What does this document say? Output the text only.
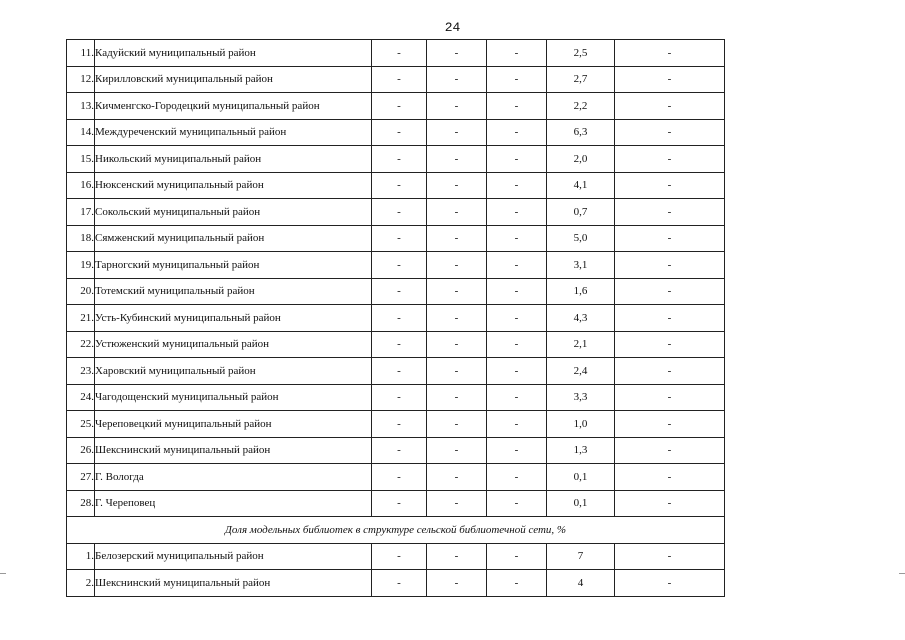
24
11.	Кадуйский муниципальный район	-	-	-	2,5	-
12.	Кирилловский муниципальный район	-	-	-	2,7	-
13.	Кичменгско-Городецкий муниципальный район	-	-	-	2,2	-
14.	Междуреченский муниципальный район	-	-	-	6,3	-
15.	Никольский муниципальный район	-	-	-	2,0	-
16.	Нюксенский муниципальный район	-	-	-	4,1	-
17.	Сокольский муниципальный район	-	-	-	0,7	-
18.	Сямженский муниципальный район	-	-	-	5,0	-
19.	Тарногский муниципальный район	-	-	-	3,1	-
20.	Тотемский муниципальный район	-	-	-	1,6	-
21.	Усть-Кубинский муниципальный район	-	-	-	4,3	-
22.	Устюженский муниципальный район	-	-	-	2,1	-
23.	Харовский муниципальный район	-	-	-	2,4	-
24.	Чагодощенский муниципальный район	-	-	-	3,3	-
25.	Череповецкий муниципальный район	-	-	-	1,0	-
26.	Шекснинский муниципальный район	-	-	-	1,3	-
27.	Г. Вологда	-	-	-	0,1	-
28.	Г. Череповец	-	-	-	0,1	-
Доля модельных библиотек в структуре сельской библиотечной сети, %						
1.	Белозерский муниципальный район	-	-	-	7	-
2.	Шекснинский муниципальный район	-	-	-	4	-
